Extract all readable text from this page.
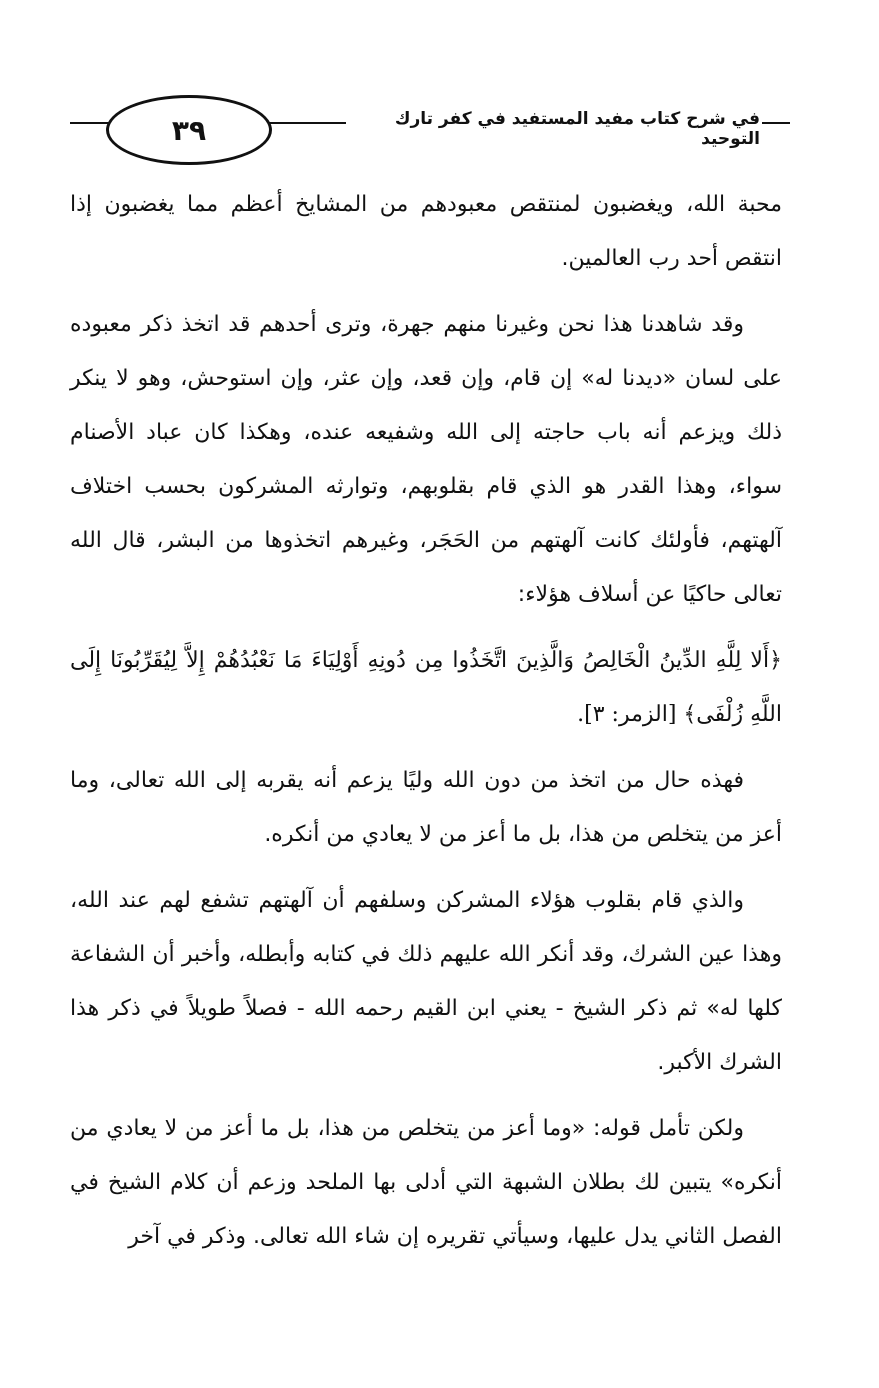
٣٩	في شرح كتاب مفيد المستفيد في كفر تارك التوحيد

محبة الله، ويغضبون لمنتقص معبودهم من المشايخ أعظم مما يغضبون إذا انتقص أحد رب العالمين.

وقد شاهدنا هذا نحن وغيرنا منهم جهرة، وترى أحدهم قد اتخذ ذكر معبوده على لسان «ديدنا له» إن قام، وإن قعد، وإن عثر، وإن استوحش، وهو لا ينكر ذلك ويزعم أنه باب حاجته إلى الله وشفيعه عنده، وهكذا كان عباد الأصنام سواء، وهذا القدر هو الذي قام بقلوبهم، وتوارثه المشركون بحسب اختلاف آلهتهم، فأولئك كانت آلهتهم من الحَجَر، وغيرهم اتخذوها من البشر، قال الله تعالى حاكيًا عن أسلاف هؤلاء:

﴿أَلا لِلَّهِ الدِّينُ الْخَالِصُ وَالَّذِينَ اتَّخَذُوا مِن دُونِهِ أَوْلِيَاءَ مَا نَعْبُدُهُمْ إِلاَّ لِيُقَرِّبُونَا إِلَى اللَّهِ زُلْفَى﴾ [الزمر: ٣].

فهذه حال من اتخذ من دون الله وليًا يزعم أنه يقربه إلى الله تعالى، وما أعز من يتخلص من هذا، بل ما أعز من لا يعادي من أنكره.

والذي قام بقلوب هؤلاء المشركن وسلفهم أن آلهتهم تشفع لهم عند الله، وهذا عين الشرك، وقد أنكر الله عليهم ذلك في كتابه وأبطله، وأخبر أن الشفاعة كلها له» ثم ذكر الشيخ - يعني ابن القيم رحمه الله - فصلاً طويلاً في ذكر هذا الشرك الأكبر.

ولكن تأمل قوله: «وما أعز من يتخلص من هذا، بل ما أعز من لا يعادي من أنكره» يتبين لك بطلان الشبهة التي أدلى بها الملحد وزعم أن كلام الشيخ في الفصل الثاني يدل عليها، وسيأتي تقريره إن شاء الله تعالى. وذكر في آخر
